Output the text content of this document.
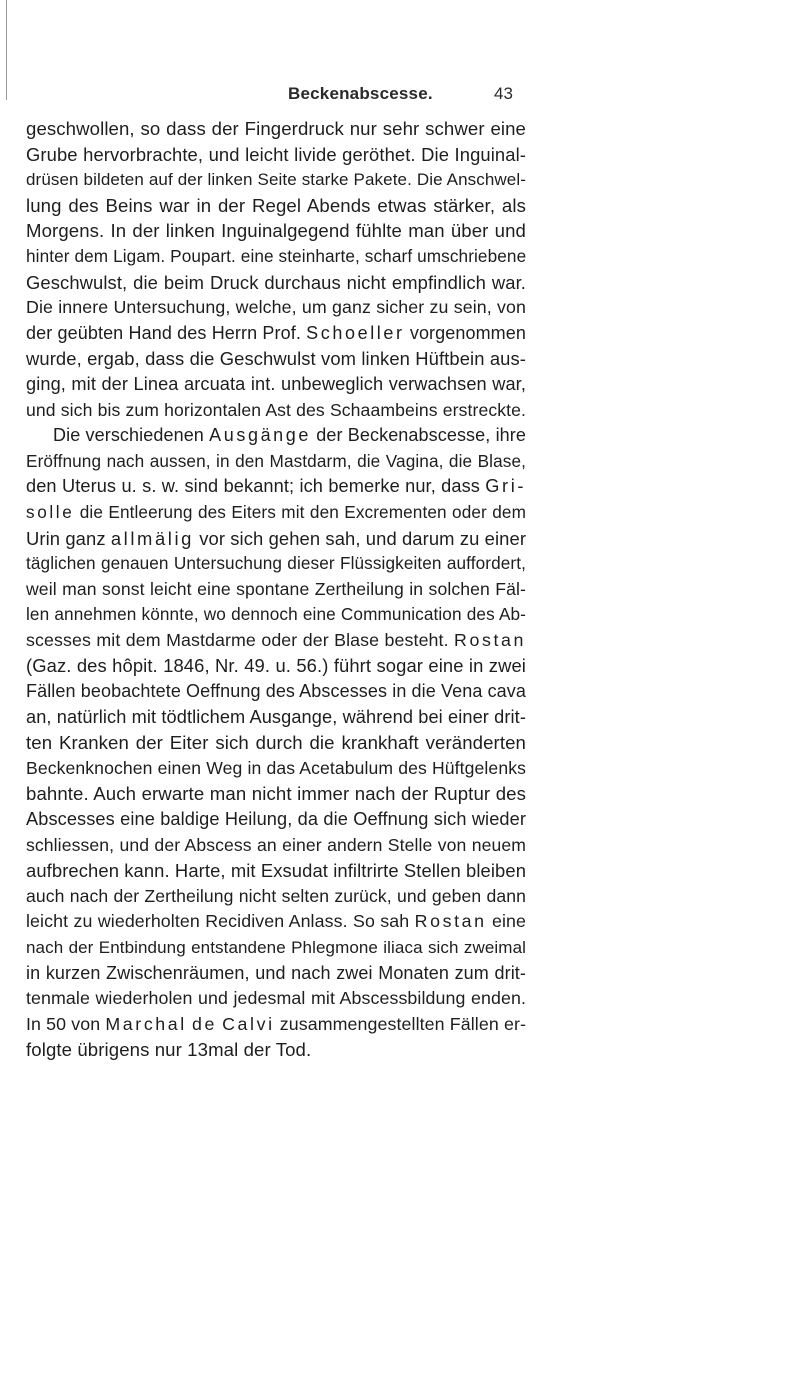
Beckenabscesse.	43
geschwollen, so dass der Fingerdruck nur sehr schwer eine
Grube hervorbrachte, und leicht livide geröthet. Die Inguinal-
drüsen bildeten auf der linken Seite starke Pakete. Die Anschwel-
lung des Beins war in der Regel Abends etwas stärker, als
Morgens. In der linken Inguinalgegend fühlte man über und
hinter dem Ligam. Poupart. eine steinharte, scharf umschriebene
Geschwulst, die beim Druck durchaus nicht empfindlich war.
Die innere Untersuchung, welche, um ganz sicher zu sein, von
der geübten Hand des Herrn Prof. Schoeller vorgenommen
wurde, ergab, dass die Geschwulst vom linken Hüftbein aus-
ging, mit der Linea arcuata int. unbeweglich verwachsen war,
und sich bis zum horizontalen Ast des Schaambeins erstreckte.
Die verschiedenen Ausgänge der Beckenabscesse, ihre
Eröffnung nach aussen, in den Mastdarm, die Vagina, die Blase,
den Uterus u. s. w. sind bekannt; ich bemerke nur, dass Gri-
solle die Entleerung des Eiters mit den Excrementen oder dem
Urin ganz allmälig vor sich gehen sah, und darum zu einer
täglichen genauen Untersuchung dieser Flüssigkeiten auffordert,
weil man sonst leicht eine spontane Zertheilung in solchen Fäl-
len annehmen könnte, wo dennoch eine Communication des Ab-
scesses mit dem Mastdarme oder der Blase besteht. Rostan
(Gaz. des hôpit. 1846, Nr. 49. u. 56.) führt sogar eine in zwei
Fällen beobachtete Oeffnung des Abscesses in die Vena cava
an, natürlich mit tödtlichem Ausgange, während bei einer drit-
ten Kranken der Eiter sich durch die krankhaft veränderten
Beckenknochen einen Weg in das Acetabulum des Hüftgelenks
bahnte. Auch erwarte man nicht immer nach der Ruptur des
Abscesses eine baldige Heilung, da die Oeffnung sich wieder
schliessen, und der Abscess an einer andern Stelle von neuem
aufbrechen kann. Harte, mit Exsudat infiltrirte Stellen bleiben
auch nach der Zertheilung nicht selten zurück, und geben dann
leicht zu wiederholten Recidiven Anlass. So sah Rostan eine
nach der Entbindung entstandene Phlegmone iliaca sich zweimal
in kurzen Zwischenräumen, und nach zwei Monaten zum drit-
tenmale wiederholen und jedesmal mit Abscessbildung enden.
In 50 von Marchal de Calvi zusammengestellten Fällen er-
folgte übrigens nur 13mal der Tod.
